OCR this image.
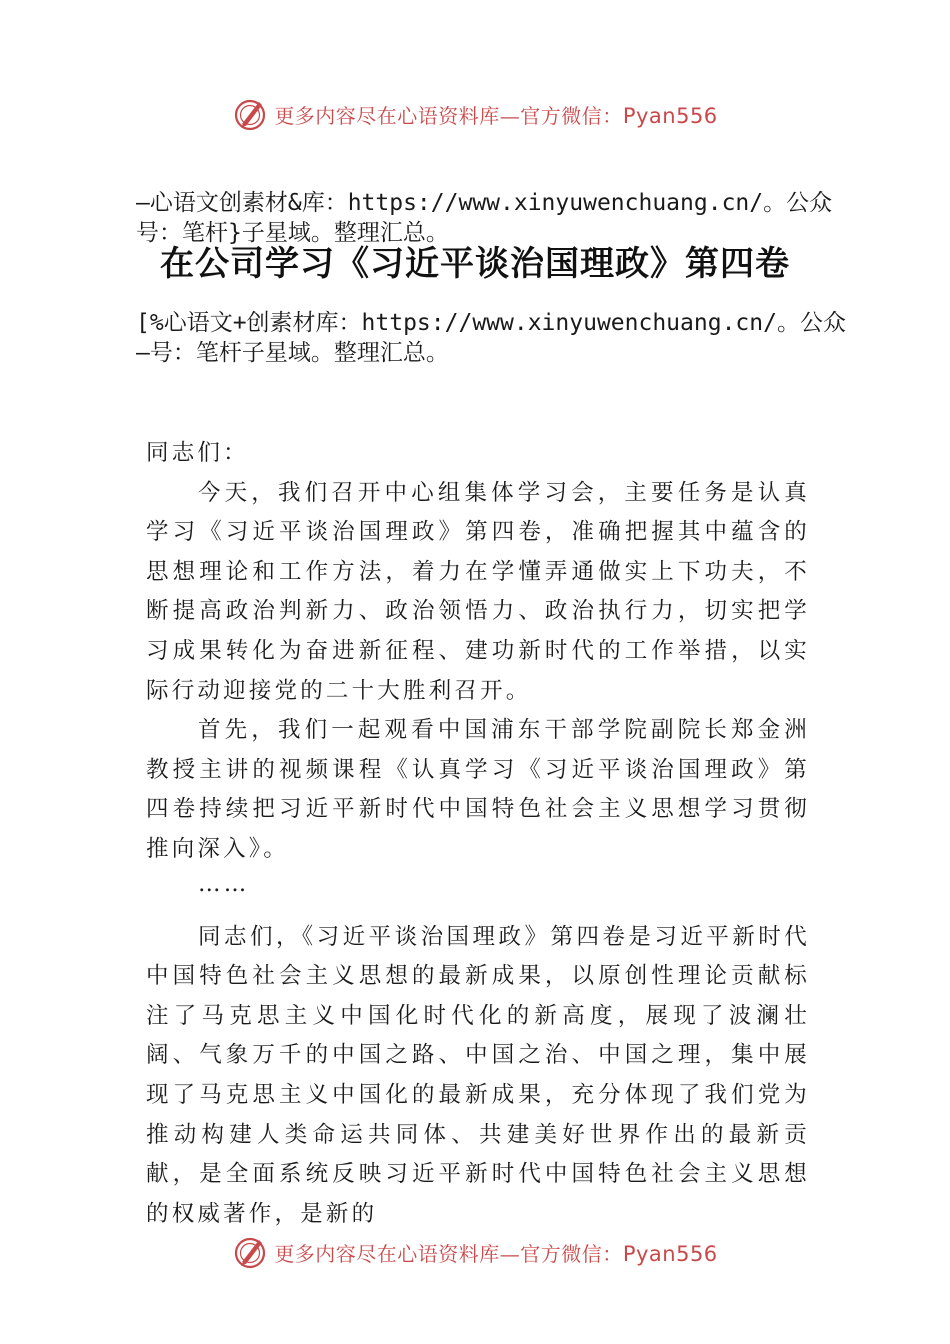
更多内容尽在心语资料库—官方微信：Pyan556
—心语文创素材&库：https://www.xinyuwenchuang.cn/。公众
号：笔杆}子星域。整理汇总。
在公司学习《习近平谈治国理政》第四卷
[%心语文+创素材库：https://www.xinyuwenchuang.cn/。公众
—号：笔杆子星域。整理汇总。

同志们：

今天，我们召开中心组集体学习会，主要任务是认真学习《习近平谈治国理政》第四卷，准确把握其中蕴含的思想理论和工作方法，着力在学懂弄通做实上下功夫，不断提高政治判新力、政治领悟力、政治执行力，切实把学习成果转化为奋进新征程、建功新时代的工作举措，以实际行动迎接党的二十大胜利召开。

首先，我们一起观看中国浦东干部学院副院长郑金洲教授主讲的视频课程《认真学习《习近平谈治国理政》第四卷持续把习近平新时代中国特色社会主义思想学习贯彻推向深入》。

……

同志们，《习近平谈治国理政》第四卷是习近平新时代中国特色社会主义思想的最新成果，以原创性理论贡献标注了马克思主义中国化时代化的新高度，展现了波澜壮阔、气象万千的中国之路、中国之治、中国之理，集中展现了马克思主义中国化的最新成果，充分体现了我们党为推动构建人类命运共同体、共建美好世界作出的最新贡献，是全面系统反映习近平新时代中国特色社会主义思想的权威著作，是新的

更多内容尽在心语资料库—官方微信：Pyan556
